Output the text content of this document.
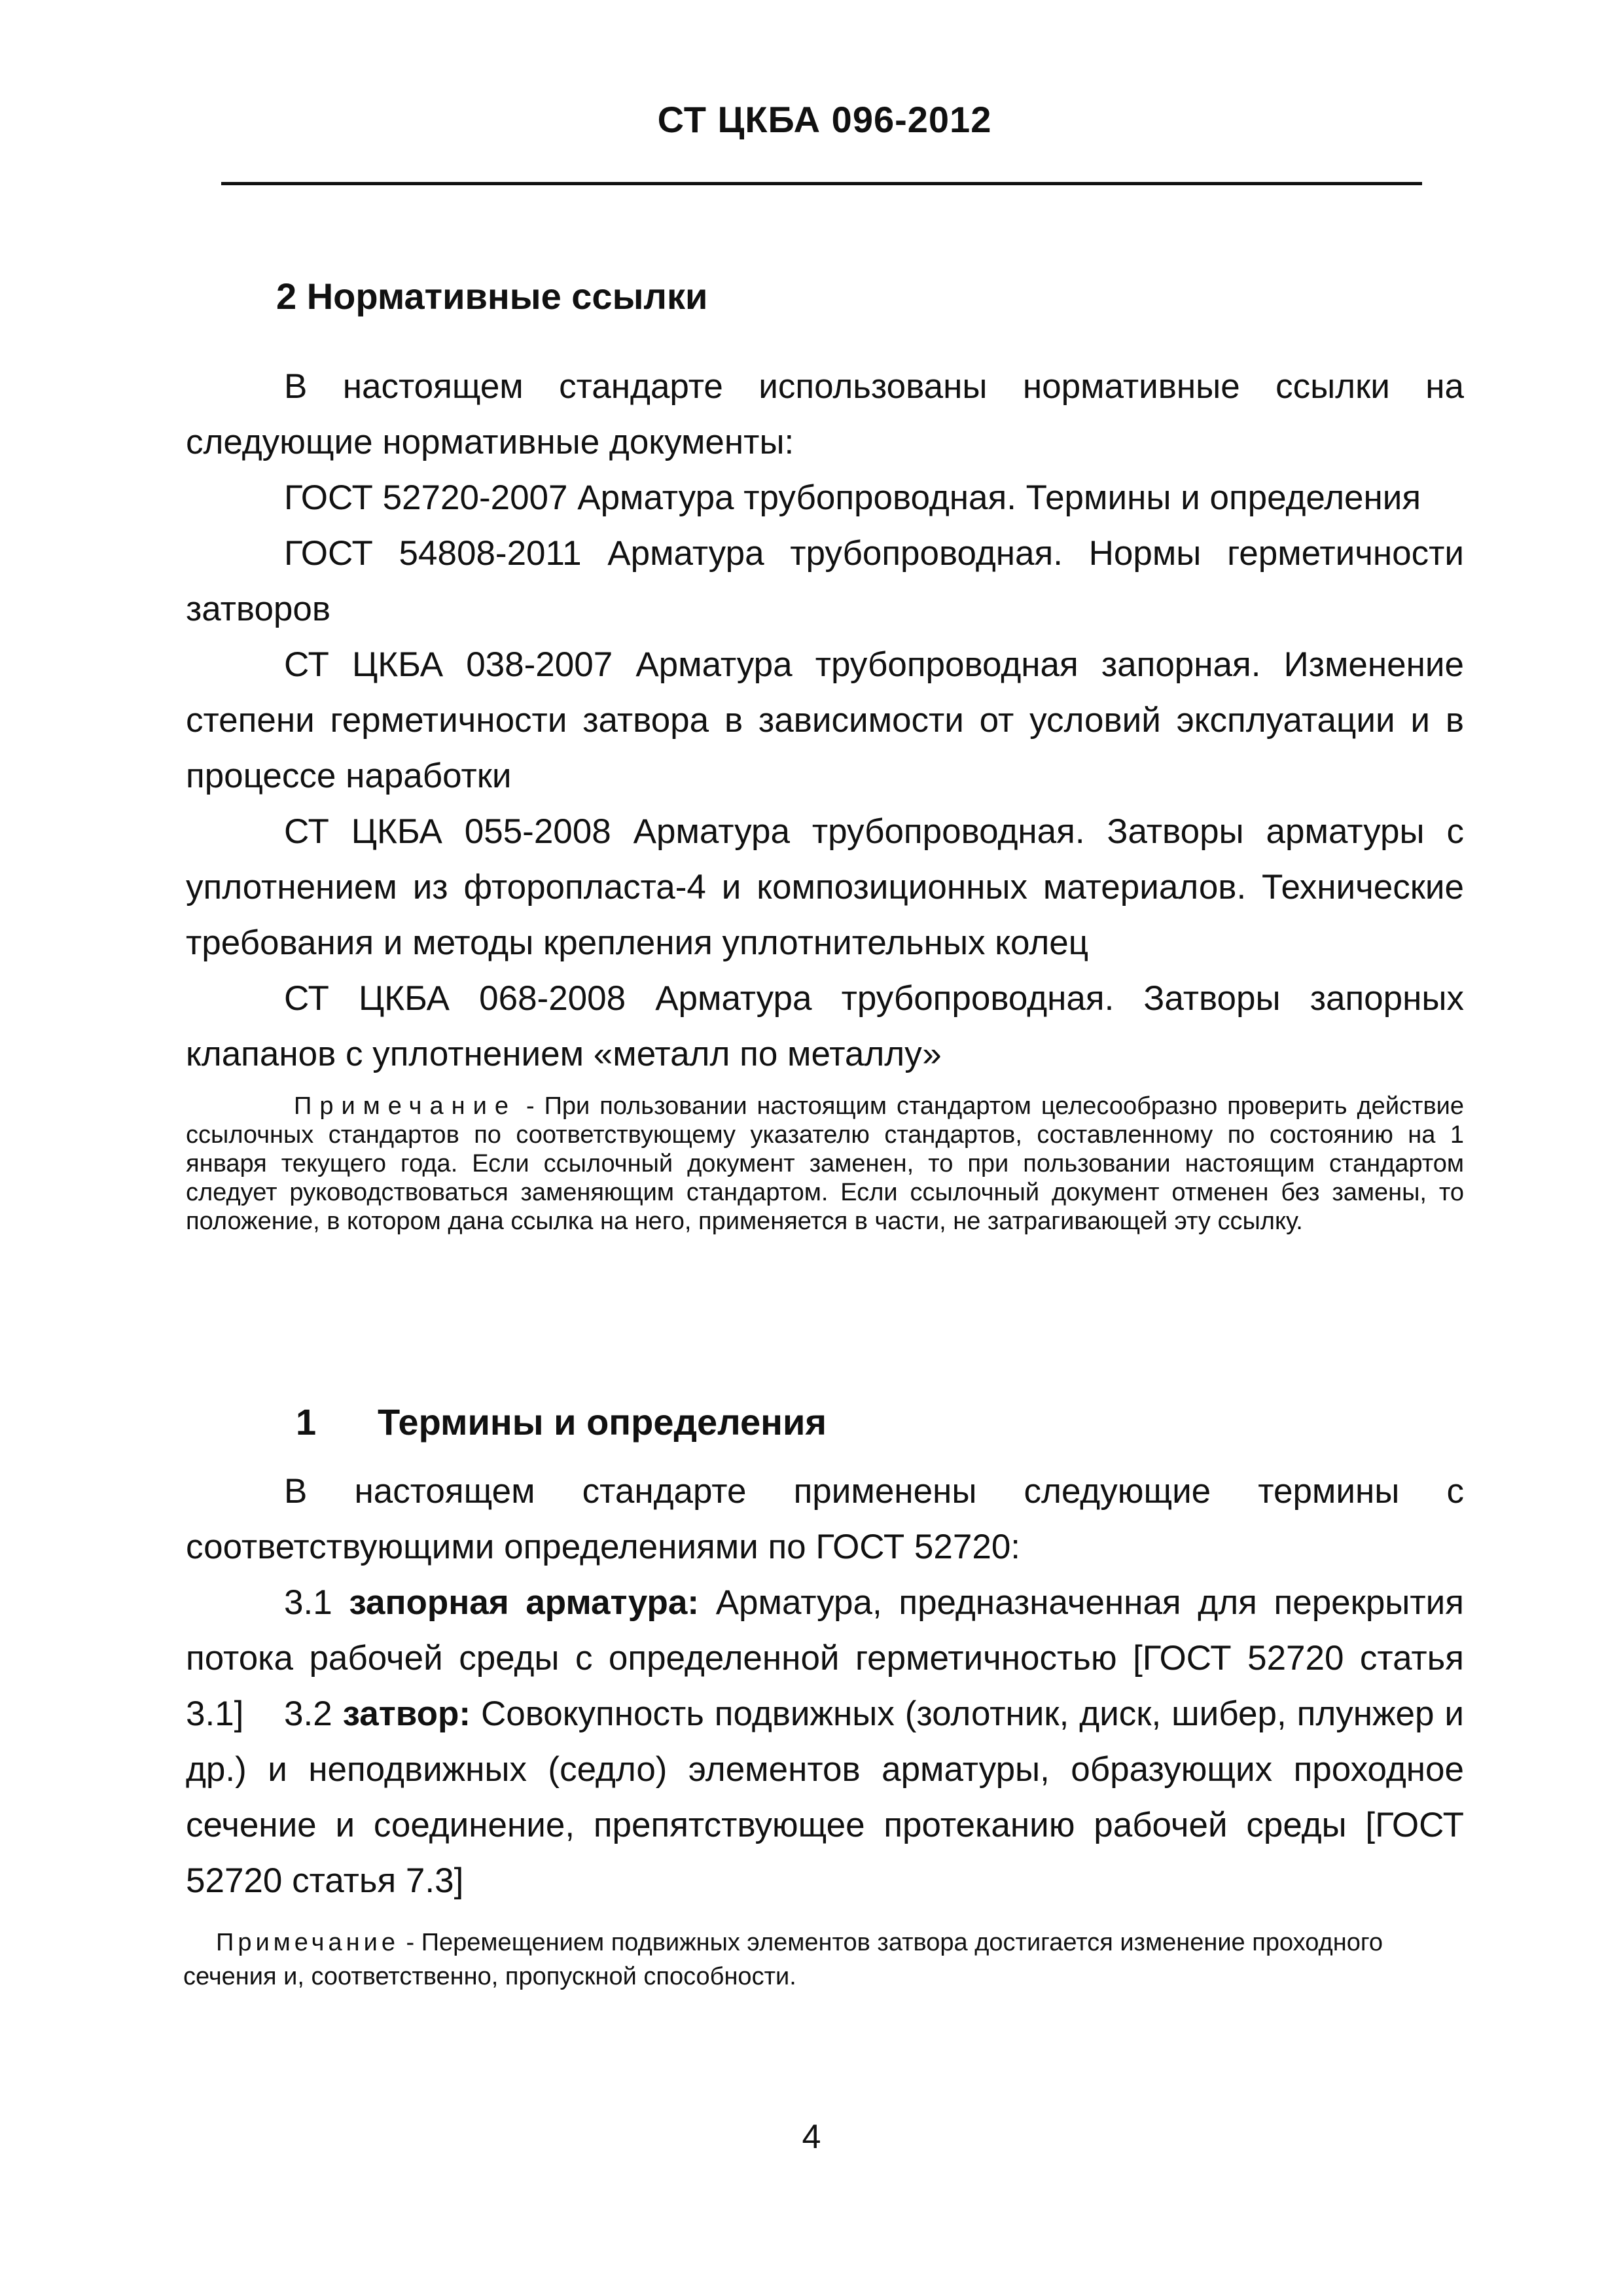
СТ ЦКБА 096-2012
2 Нормативные ссылки

В настоящем стандарте использованы нормативные ссылки на следующие нормативные документы:

ГОСТ 52720-2007 Арматура трубопроводная. Термины и определения

ГОСТ 54808-2011 Арматура трубопроводная. Нормы герметичности затворов

СТ ЦКБА 038-2007 Арматура трубопроводная запорная. Изменение степени герметичности затвора в зависимости от условий эксплуатации и в процессе наработки

СТ ЦКБА 055-2008 Арматура трубопроводная. Затворы арматуры с уплотнением из фторопласта-4 и композиционных материалов. Технические требования и методы крепления уплотнительных колец

СТ ЦКБА 068-2008 Арматура трубопроводная. Затворы запорных клапанов с уплотнением «металл по металлу»

Примечание - При пользовании настоящим стандартом целесообразно проверить действие ссылочных стандартов по соответствующему указателю стандартов, составленному по состоянию на 1 января текущего года. Если ссылочный документ заменен, то при пользовании настоящим стандартом следует руководствоваться заменяющим стандартом. Если ссылочный документ отменен без замены, то положение, в котором дана ссылка на него, применяется в части, не затрагивающей эту ссылку.

1 Термины и определения

В настоящем стандарте применены следующие термины с соответствующими определениями по ГОСТ 52720:

3.1 запорная арматура: Арматура, предназначенная для перекрытия потока рабочей среды с определенной герметичностью [ГОСТ 52720 статья 3.1]	3.2 затвор: Совокупность подвижных (золотник, диск, шибер, плунжер и др.) и неподвижных (седло) элементов арматуры, образующих проходное сечение и соединение, препятствующее протеканию рабочей среды [ГОСТ 52720 статья 7.3]

Примечание - Перемещением подвижных элементов затвора достигается изменение проходного сечения и, соответственно, пропускной способности.

4
